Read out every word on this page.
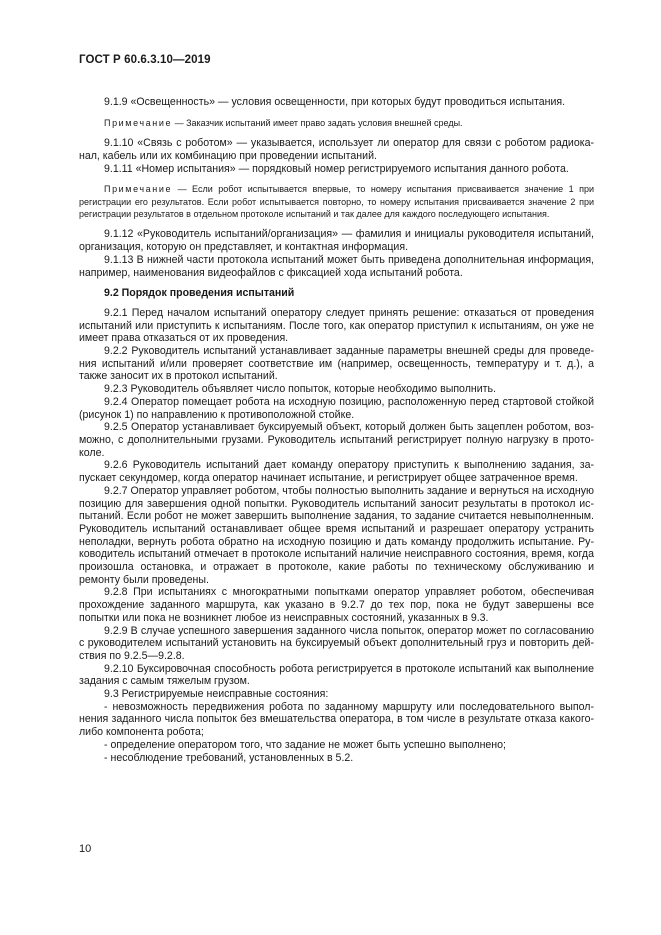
ГОСТ Р 60.6.3.10—2019

9.1.9 «Освещенность» — условия освещенности, при которых будут проводиться испытания.

Примечание — Заказчик испытаний имеет право задать условия внешней среды.

9.1.10 «Связь с роботом» — указывается, использует ли оператор для связи с роботом радиоканал, кабель или их комбинацию при проведении испытаний.

9.1.11 «Номер испытания» — порядковый номер регистрируемого испытания данного робота.

Примечание — Если робот испытывается впервые, то номеру испытания присваивается значение 1 при регистрации его результатов. Если робот испытывается повторно, то номеру испытания присваивается значение 2 при регистрации результатов в отдельном протоколе испытаний и так далее для каждого последующего испытания.

9.1.12 «Руководитель испытаний/организация» — фамилия и инициалы руководителя испытаний, организация, которую он представляет, и контактная информация.

9.1.13 В нижней части протокола испытаний может быть приведена дополнительная информация, например, наименования видеофайлов с фиксацией хода испытаний робота.

9.2 Порядок проведения испытаний

9.2.1 Перед началом испытаний оператору следует принять решение: отказаться от проведения испытаний или приступить к испытаниям. После того, как оператор приступил к испытаниям, он уже не имеет права отказаться от их проведения.

9.2.2 Руководитель испытаний устанавливает заданные параметры внешней среды для проведения испытаний и/или проверяет соответствие им (например, освещенность, температуру и т. д.), а также заносит их в протокол испытаний.

9.2.3 Руководитель объявляет число попыток, которые необходимо выполнить.

9.2.4 Оператор помещает робота на исходную позицию, расположенную перед стартовой стойкой (рисунок 1) по направлению к противоположной стойке.

9.2.5 Оператор устанавливает буксируемый объект, который должен быть зацеплен роботом, возможно, с дополнительными грузами. Руководитель испытаний регистрирует полную нагрузку в протоколе.

9.2.6 Руководитель испытаний дает команду оператору приступить к выполнению задания, запускает секундомер, когда оператор начинает испытание, и регистрирует общее затраченное время.

9.2.7 Оператор управляет роботом, чтобы полностью выполнить задание и вернуться на исходную позицию для завершения одной попытки. Руководитель испытаний заносит результаты в протокол испытаний. Если робот не может завершить выполнение задания, то задание считается невыполненным. Руководитель испытаний останавливает общее время испытаний и разрешает оператору устранить неполадки, вернуть робота обратно на исходную позицию и дать команду продолжить испытание. Руководитель испытаний отмечает в протоколе испытаний наличие неисправного состояния, время, когда произошла остановка, и отражает в протоколе, какие работы по техническому обслуживанию и ремонту были проведены.

9.2.8 При испытаниях с многократными попытками оператор управляет роботом, обеспечивая прохождение заданного маршрута, как указано в 9.2.7 до тех пор, пока не будут завершены все попытки или пока не возникнет любое из неисправных состояний, указанных в 9.3.

9.2.9 В случае успешного завершения заданного числа попыток, оператор может по согласованию с руководителем испытаний установить на буксируемый объект дополнительный груз и повторить действия по 9.2.5—9.2.8.

9.2.10 Буксировочная способность робота регистрируется в протоколе испытаний как выполнение задания с самым тяжелым грузом.

9.3 Регистрируемые неисправные состояния:

- невозможность передвижения робота по заданному маршруту или последовательного выполнения заданного числа попыток без вмешательства оператора, в том числе в результате отказа какого-либо компонента робота;

- определение оператором того, что задание не может быть успешно выполнено;

- несоблюдение требований, установленных в 5.2.

10
